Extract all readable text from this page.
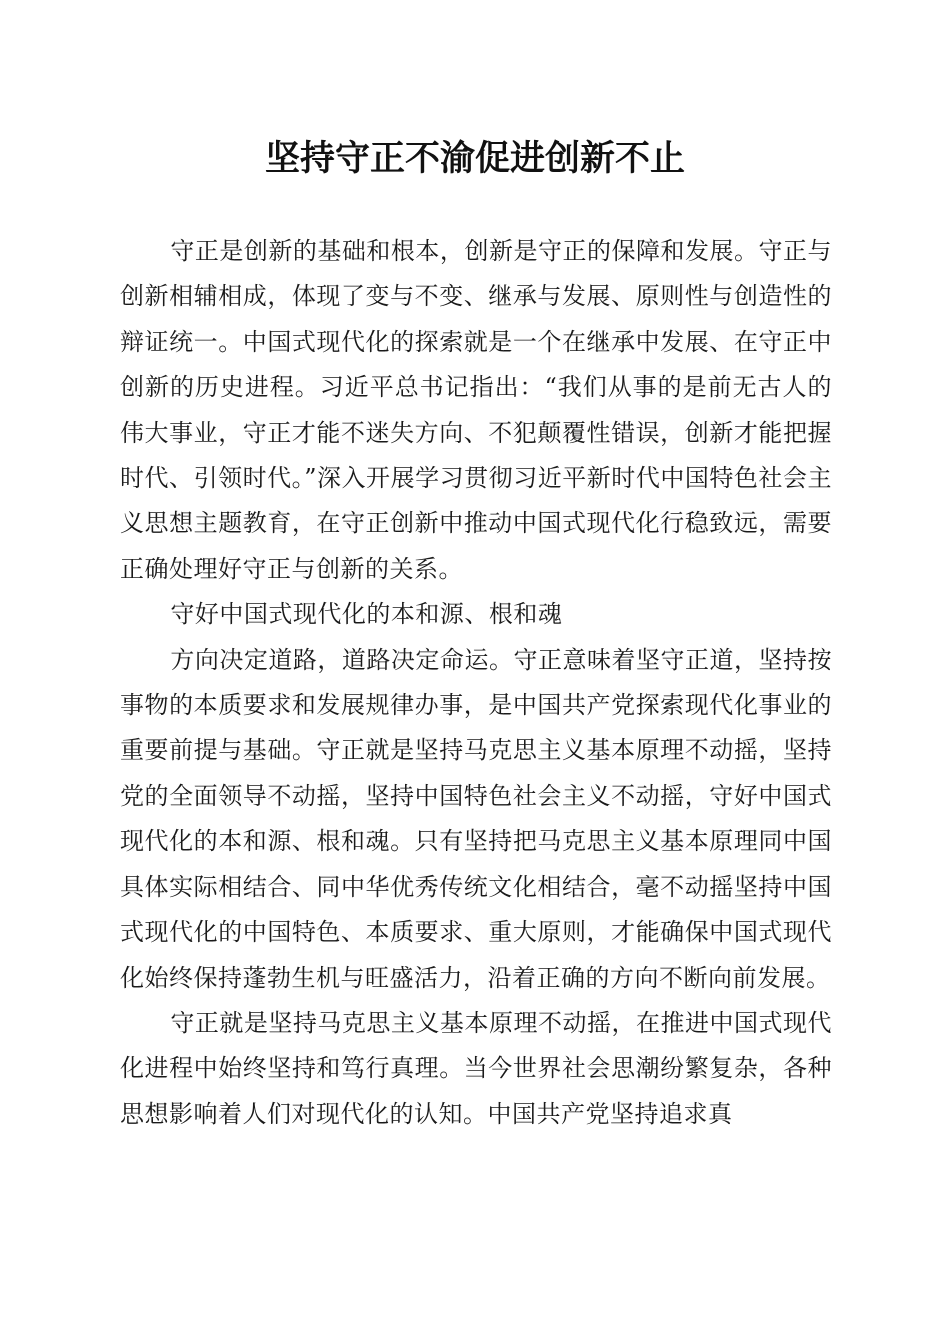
坚持守正不渝促进创新不止

守正是创新的基础和根本，创新是守正的保障和发展。守正与创新相辅相成，体现了变与不变、继承与发展、原则性与创造性的辩证统一。中国式现代化的探索就是一个在继承中发展、在守正中创新的历史进程。习近平总书记指出：“我们从事的是前无古人的伟大事业，守正才能不迷失方向、不犯颠覆性错误，创新才能把握时代、引领时代。”深入开展学习贯彻习近平新时代中国特色社会主义思想主题教育，在守正创新中推动中国式现代化行稳致远，需要正确处理好守正与创新的关系。

守好中国式现代化的本和源、根和魂

方向决定道路，道路决定命运。守正意味着坚守正道，坚持按事物的本质要求和发展规律办事，是中国共产党探索现代化事业的重要前提与基础。守正就是坚持马克思主义基本原理不动摇，坚持党的全面领导不动摇，坚持中国特色社会主义不动摇，守好中国式现代化的本和源、根和魂。只有坚持把马克思主义基本原理同中国具体实际相结合、同中华优秀传统文化相结合，毫不动摇坚持中国式现代化的中国特色、本质要求、重大原则，才能确保中国式现代化始终保持蓬勃生机与旺盛活力，沿着正确的方向不断向前发展。

守正就是坚持马克思主义基本原理不动摇，在推进中国式现代化进程中始终坚持和笃行真理。当今世界社会思潮纷繁复杂，各种思想影响着人们对现代化的认知。中国共产党坚持追求真
